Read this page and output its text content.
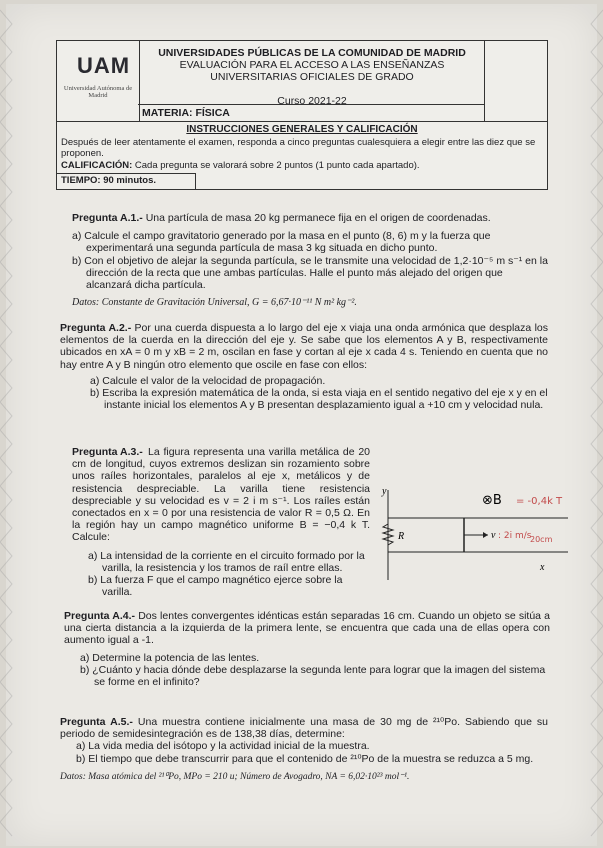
UAM
Universidad Autónoma de Madrid
UNIVERSIDADES PÚBLICAS DE LA COMUNIDAD DE MADRID
EVALUACIÓN PARA EL ACCESO A LAS ENSEÑANZAS
UNIVERSITARIAS OFICIALES DE GRADO
Curso 2021-22
MATERIA: FÍSICA
INSTRUCCIONES GENERALES Y CALIFICACIÓN
Después de leer atentamente el examen, responda a cinco preguntas cualesquiera a elegir entre las diez que se proponen.
CALIFICACIÓN: Cada pregunta se valorará sobre 2 puntos (1 punto cada apartado).
TIEMPO: 90 minutos.
Pregunta A.1.- Una partícula de masa 20 kg permanece fija en el origen de coordenadas.
a) Calcule el campo gravitatorio generado por la masa en el punto (8, 6) m y la fuerza que experimentará una segunda partícula de masa 3 kg situada en dicho punto.
b) Con el objetivo de alejar la segunda partícula, se le transmite una velocidad de 1,2·10⁻⁵ m s⁻¹ en la dirección de la recta que une ambas partículas. Halle el punto más alejado del origen que alcanzará dicha partícula.
Datos: Constante de Gravitación Universal, G = 6,67·10⁻¹¹ N m² kg⁻².
Pregunta A.2.- Por una cuerda dispuesta a lo largo del eje x viaja una onda armónica que desplaza los elementos de la cuerda en la dirección del eje y. Se sabe que los elementos A y B, respectivamente ubicados en xA = 0 m y xB = 2 m, oscilan en fase y cortan al eje x cada 4 s. Teniendo en cuenta que no hay entre A y B ningún otro elemento que oscile en fase con ellos:
a) Calcule el valor de la velocidad de propagación.
b) Escriba la expresión matemática de la onda, si esta viaja en el sentido negativo del eje x y en el instante inicial los elementos A y B presentan desplazamiento igual a +10 cm y velocidad nula.
Pregunta A.3.- La figura representa una varilla metálica de 20 cm de longitud, cuyos extremos deslizan sin rozamiento sobre unos raíles horizontales, paralelos al eje x, metálicos y de resistencia despreciable. La varilla tiene resistencia despreciable y su velocidad es v = 2 i m s⁻¹. Los raíles están conectados en x = 0 por una resistencia de valor R = 0,5 Ω. En la región hay un campo magnético uniforme B = −0,4 k T. Calcule:
a) La intensidad de la corriente en el circuito formado por la varilla, la resistencia y los tramos de raíl entre ellas.
b) La fuerza F que el campo magnético ejerce sobre la varilla.
y
R	v : 2i m/s
⊗B = -0,4k T
20cm
x
Pregunta A.4.- Dos lentes convergentes idénticas están separadas 16 cm. Cuando un objeto se sitúa a una cierta distancia a la izquierda de la primera lente, se encuentra que cada una de ellas opera con aumento igual a -1.
a) Determine la potencia de las lentes.
b) ¿Cuánto y hacia dónde debe desplazarse la segunda lente para lograr que la imagen del sistema se forme en el infinito?
Pregunta A.5.- Una muestra contiene inicialmente una masa de 30 mg de ²¹⁰Po. Sabiendo que su periodo de semidesintegración es de 138,38 días, determine:
a) La vida media del isótopo y la actividad inicial de la muestra.
b) El tiempo que debe transcurrir para que el contenido de ²¹⁰Po de la muestra se reduzca a 5 mg.
Datos: Masa atómica del ²¹⁰Po, MPo = 210 u; Número de Avogadro, NA = 6,02·10²³ mol⁻¹.
